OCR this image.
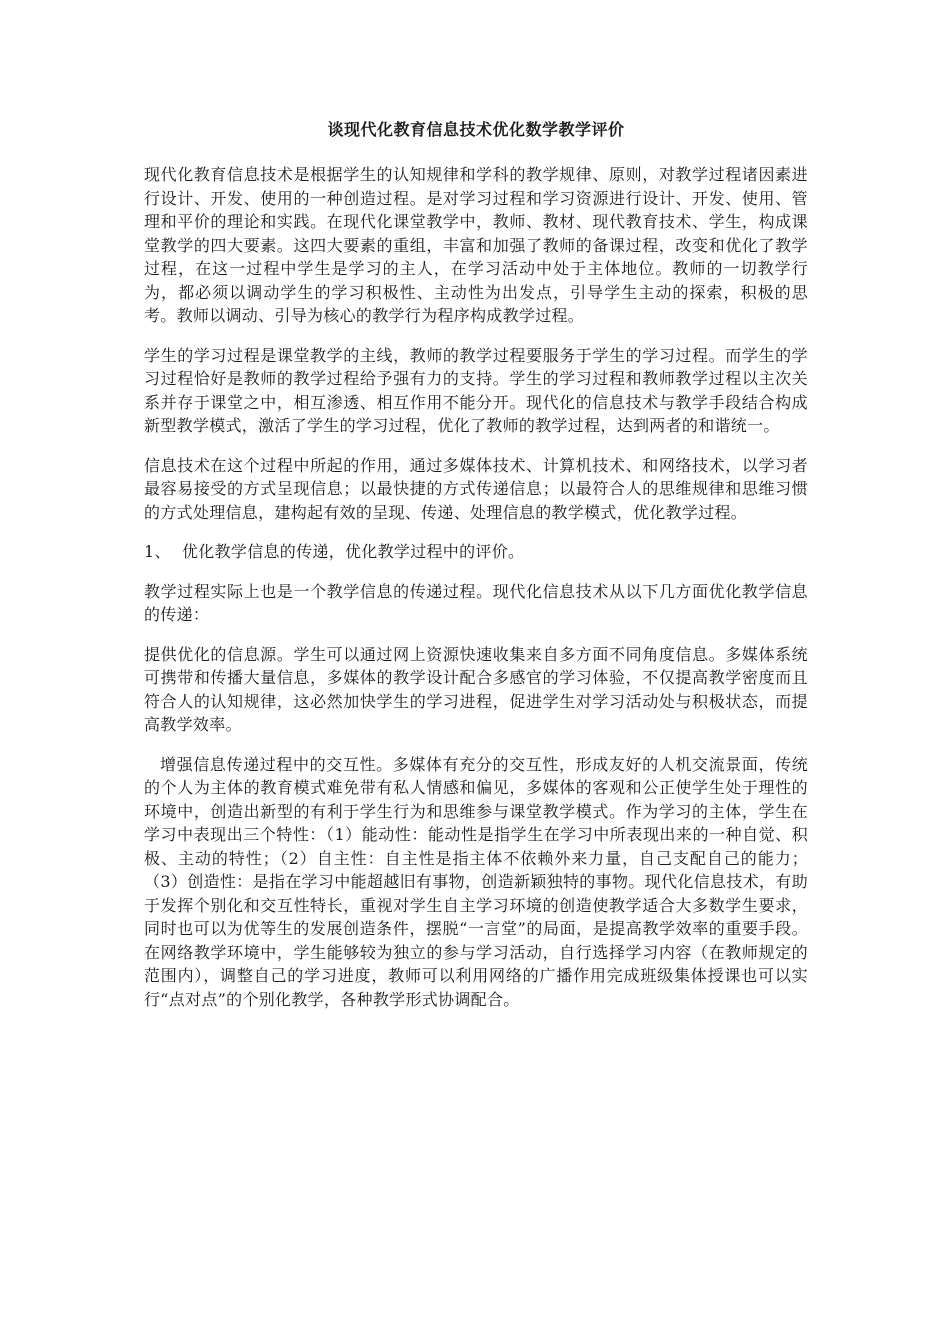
谈现代化教育信息技术优化数学教学评价

现代化教育信息技术是根据学生的认知规律和学科的教学规律、原则，对教学过程诸因素进行设计、开发、使用的一种创造过程。是对学习过程和学习资源进行设计、开发、使用、管理和平价的理论和实践。在现代化课堂教学中，教师、教材、现代教育技术、学生，构成课堂教学的四大要素。这四大要素的重组，丰富和加强了教师的备课过程，改变和优化了教学过程，在这一过程中学生是学习的主人，在学习活动中处于主体地位。教师的一切教学行为，都必须以调动学生的学习积极性、主动性为出发点，引导学生主动的探索，积极的思考。教师以调动、引导为核心的教学行为程序构成教学过程。

学生的学习过程是课堂教学的主线，教师的教学过程要服务于学生的学习过程。而学生的学习过程恰好是教师的教学过程给予强有力的支持。学生的学习过程和教师教学过程以主次关系并存于课堂之中，相互渗透、相互作用不能分开。现代化的信息技术与教学手段结合构成新型教学模式，激活了学生的学习过程，优化了教师的教学过程，达到两者的和谐统一。

信息技术在这个过程中所起的作用，通过多媒体技术、计算机技术、和网络技术，以学习者最容易接受的方式呈现信息；以最快捷的方式传递信息；以最符合人的思维规律和思维习惯的方式处理信息，建构起有效的呈现、传递、处理信息的教学模式，优化教学过程。

1、 优化教学信息的传递，优化教学过程中的评价。

教学过程实际上也是一个教学信息的传递过程。现代化信息技术从以下几方面优化教学信息的传递：

提供优化的信息源。学生可以通过网上资源快速收集来自多方面不同角度信息。多媒体系统可携带和传播大量信息，多媒体的教学设计配合多感官的学习体验，不仅提高教学密度而且符合人的认知规律，这必然加快学生的学习进程，促进学生对学习活动处与积极状态，而提高教学效率。

增强信息传递过程中的交互性。多媒体有充分的交互性，形成友好的人机交流景面，传统的个人为主体的教育模式难免带有私人情感和偏见，多媒体的客观和公正使学生处于理性的环境中，创造出新型的有利于学生行为和思维参与课堂教学模式。作为学习的主体，学生在学习中表现出三个特性：（1）能动性：能动性是指学生在学习中所表现出来的一种自觉、积极、主动的特性；（2）自主性：自主性是指主体不依赖外来力量，自己支配自己的能力；（3）创造性：是指在学习中能超越旧有事物，创造新颖独特的事物。现代化信息技术，有助于发挥个别化和交互性特长，重视对学生自主学习环境的创造使教学适合大多数学生要求，同时也可以为优等生的发展创造条件，摆脱“一言堂”的局面，是提高教学效率的重要手段。在网络教学环境中，学生能够较为独立的参与学习活动，自行选择学习内容（在教师规定的范围内），调整自己的学习进度，教师可以利用网络的广播作用完成班级集体授课也可以实行“点对点”的个别化教学，各种教学形式协调配合。
